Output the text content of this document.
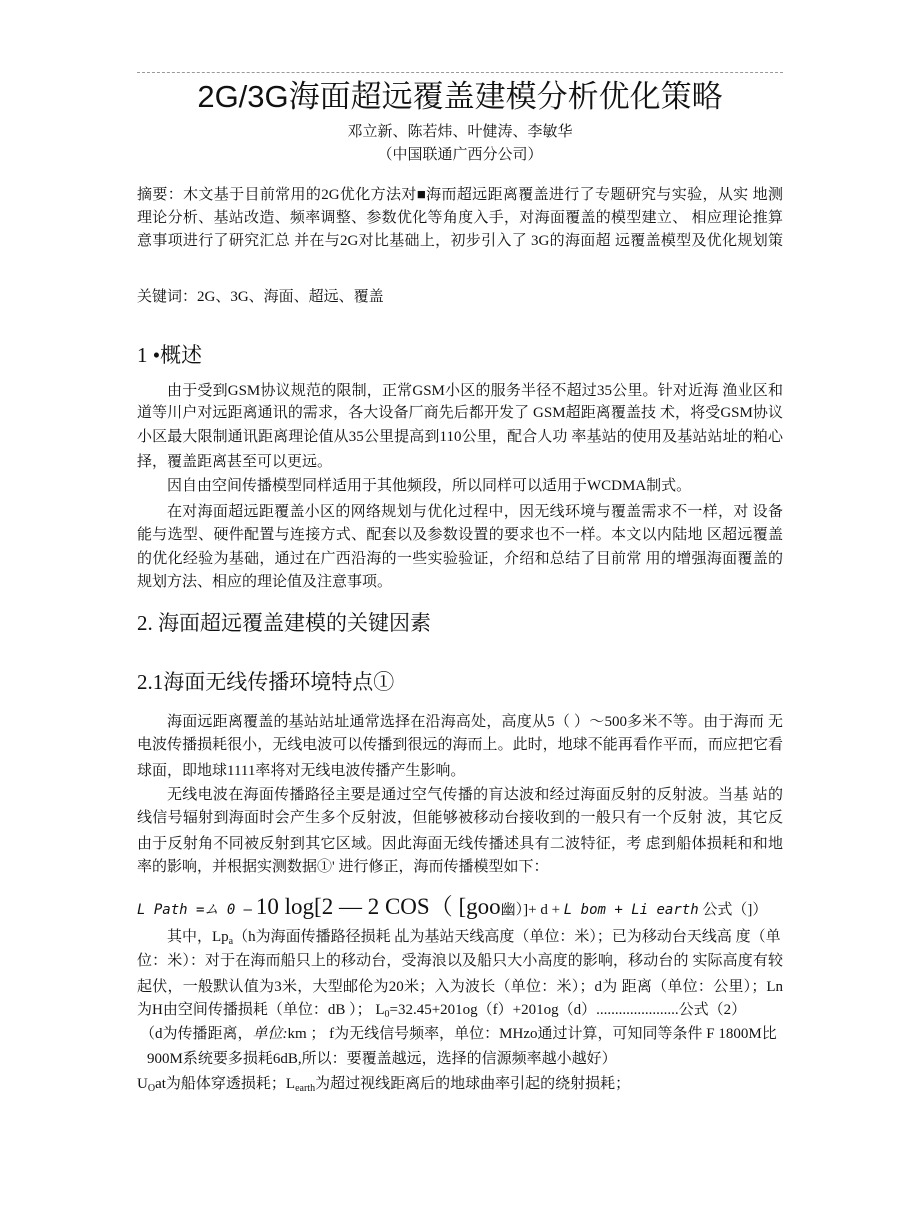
2G/3G海面超远覆盖建模分析优化策略
邓立新、陈若炜、叶健涛、李敏华
（中国联通广西分公司）
摘要：木文基于目前常用的2G优化方法对■海而超远距离覆盖进行了专题研究与实验，从实 地测
理论分析、基站改造、频率调整、参数优化等角度入手，对海面覆盖的模型建立、 相应理论推算
意事项进行了研究汇总 并在与2G对比基础上，初步引入了 3G的海面超 远覆盖模型及优化规划策
关键词：2G、3G、海面、超远、覆盖
1 •概述
由于受到GSM协议规范的限制，正常GSM小区的服务半径不超过35公里。针对近海 渔业区和
道等川户对远距离通讯的需求，各大设备厂商先后都开发了 GSM超距离覆盖技 术，将受GSM协议
小区最大限制通讯距离理论值从35公里提高到110公里，配合人功 率基站的使用及基站站址的粕心
择，覆盖距离甚至可以更远。
因自由空间传播模型同样适用于其他频段，所以同样可以适用于WCDMA制式。
在对海面超远距覆盖小区的网络规划与优化过程中，因无线环境与覆盖需求不一样，对 设备
能与选型、硬件配置与连接方式、配套以及参数设置的要求也不一样。本文以内陆地 区超远覆盖
的优化经验为基础，通过在广西沿海的一些实验验证，介绍和总结了目前常 用的增强海面覆盖的
规划方法、相应的理论值及注意事项。
2. 海面超远覆盖建模的关键因素
2.1海面无线传播环境特点①
海面远距离覆盖的基站站址通常选择在沿海高处，高度从5（ ）～500多米不等。由于海而 无
电波传播损耗很小，无线电波可以传播到很远的海而上。此时，地球不能再看作平而，而应把它看
球面，即地球1111率将对无线电波传播产生影响。
无线电波在海面传播路径主要是通过空气传播的肓达波和经过海面反射的反射波。当基 站的
线信号辐射到海面时会产生多个反射波，但能够被移动台接收到的一般只有一个反射 波，其它反
由于反射角不同被反射到其它区域。因此海面无线传播述具有二波特征，考 虑到船体损耗和和地
率的影响，并根据实测数据①' 进行修正，海而传播模型如下：
L Path =ム 0 — 10 log[2 — 2 COS（ [goo幽）]+ d + L bom + Li earth 公式（]）
其中，$Lp_a(h$为海面传播路径损耗 乩为基站天线高度（单位：米）；已为移动台天线高 度（单
位：米）：对于在海而船只上的移动台，受海浪以及船只大小高度的影响，移动台的 实际高度有较
起伏，一般默认值为3米，大型邮伦为20米；入为波长（单位：米）；d为 距离（单位：公里）；Ln
为H由空间传播损耗（单位：dB ）； $L_0=32.45+201og(f)+201og(d)$......................公式（2）
（d为传播距离，单位:km ； f为无线信号频率，单位：MHzo通过计算，可知同等条件 F 1800M比
900M系统要多损耗6dB,所以：要覆盖越远，选择的信源频率越小越好）
$U_Oat$为船体穿透损耗；$L_{earth}$为超过视线距离后的地球曲率引起的绕射损耗；
